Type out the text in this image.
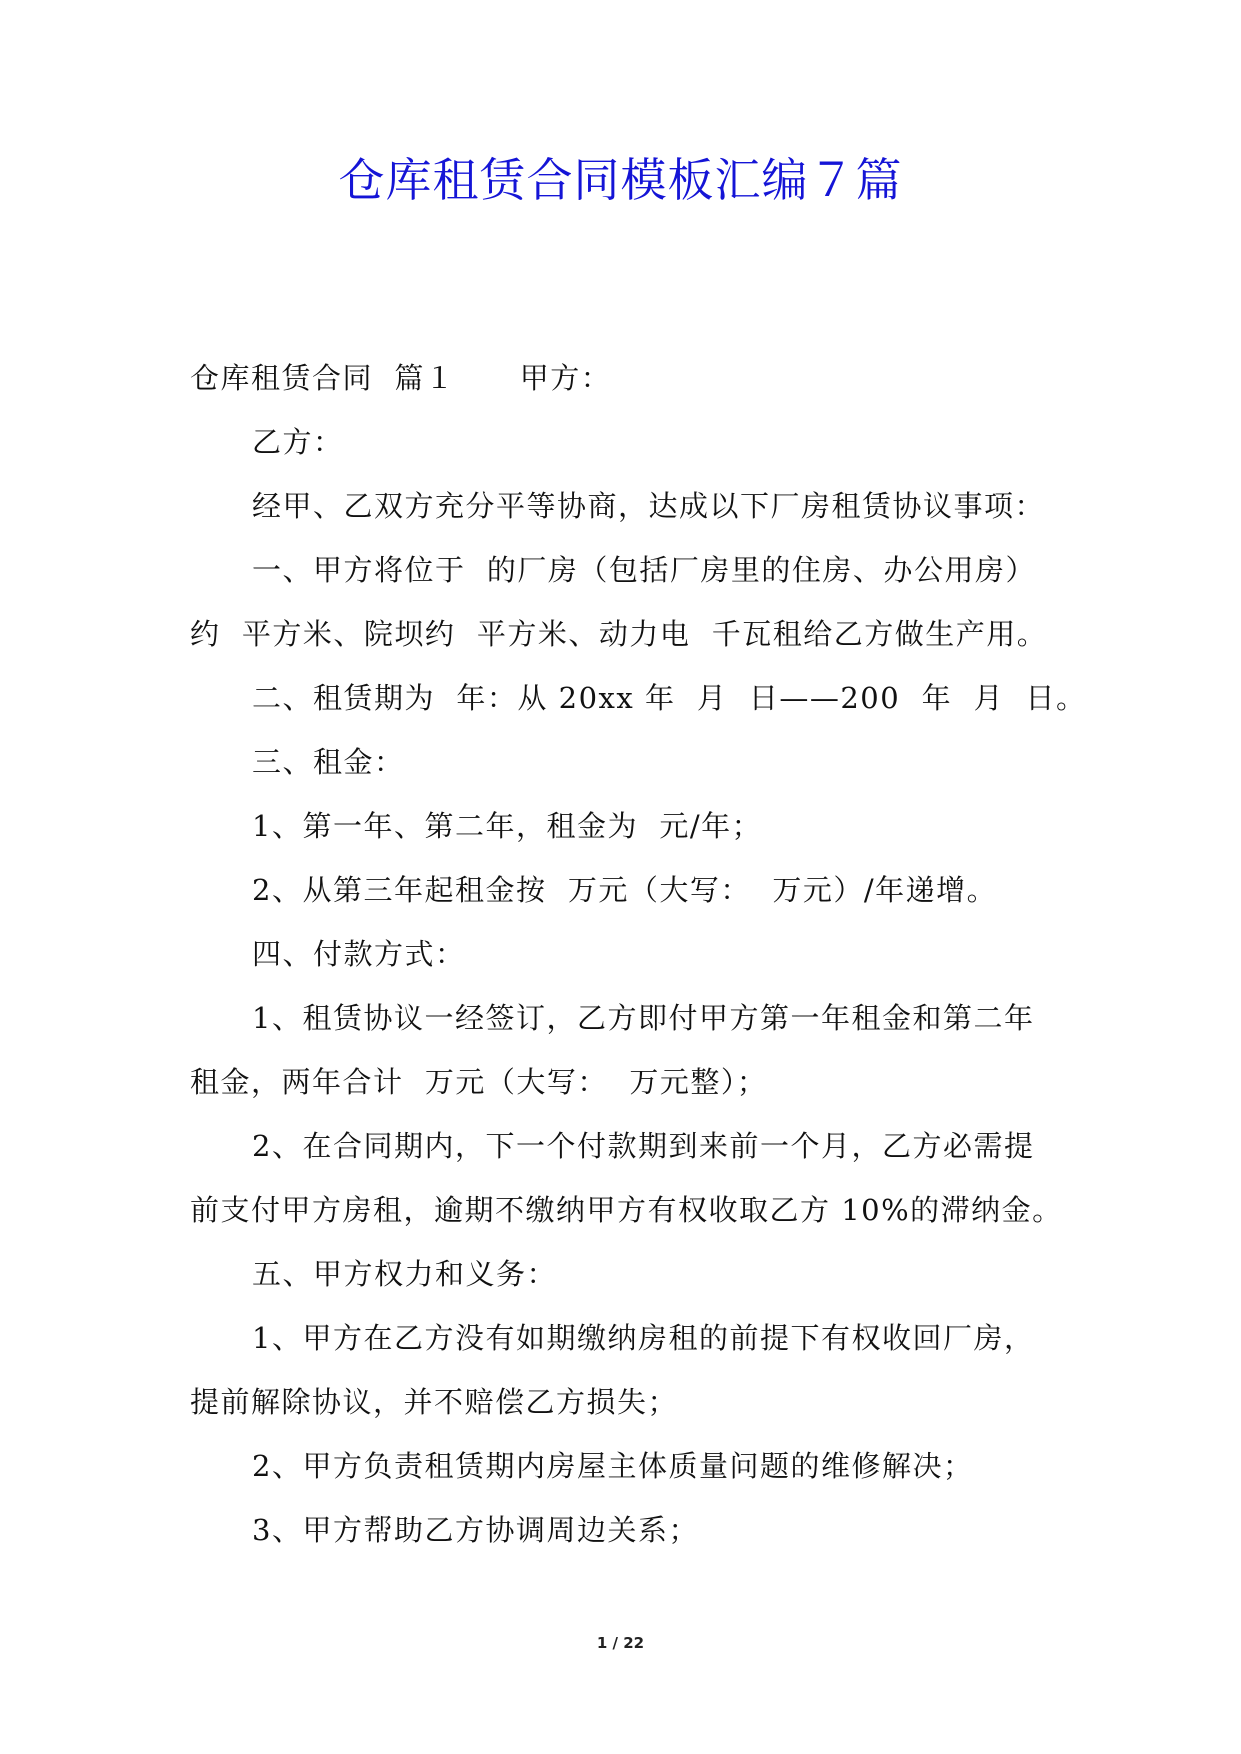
仓库租赁合同模板汇编７篇
仓库租赁合同  篇１      甲方：
乙方：
经甲、乙双方充分平等协商，达成以下厂房租赁协议事项：
一、甲方将位于  的厂房（包括厂房里的住房、办公用房）
约  平方米、院坝约  平方米、动力电  千瓦租给乙方做生产用。
二、租赁期为  年：从 20xx 年  月  日——200  年  月  日。
三、租金：
1、第一年、第二年，租金为  元/年；
2、从第三年起租金按  万元（大写：  万元）/年递增。
四、付款方式：
1、租赁协议一经签订，乙方即付甲方第一年租金和第二年
租金，两年合计  万元（大写：  万元整）；
2、在合同期内，下一个付款期到来前一个月，乙方必需提
前支付甲方房租，逾期不缴纳甲方有权收取乙方 10%的滞纳金。
五、甲方权力和义务：
1、甲方在乙方没有如期缴纳房租的前提下有权收回厂房，
提前解除协议，并不赔偿乙方损失；
2、甲方负责租赁期内房屋主体质量问题的维修解决；
3、甲方帮助乙方协调周边关系；
1 / 22
